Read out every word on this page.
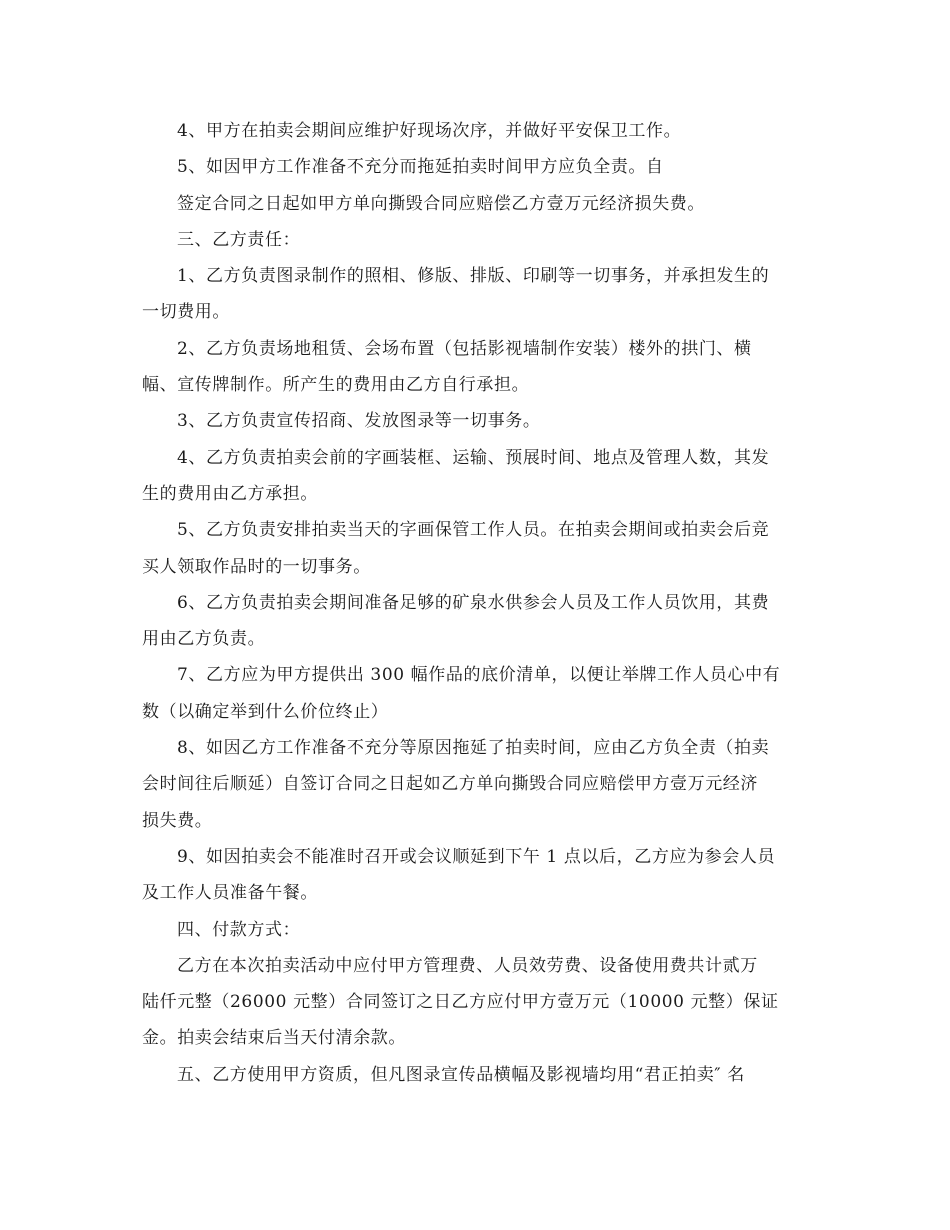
4、甲方在拍卖会期间应维护好现场次序，并做好平安保卫工作。

5、如因甲方工作准备不充分而拖延拍卖时间甲方应负全责。自

签定合同之日起如甲方单向撕毁合同应赔偿乙方壹万元经济损失费。

三、乙方责任：

1、乙方负责图录制作的照相、修版、排版、印刷等一切事务，并承担发生的

一切费用。

2、乙方负责场地租赁、会场布置（包括影视墙制作安装）楼外的拱门、横

幅、宣传牌制作。所产生的费用由乙方自行承担。

3、乙方负责宣传招商、发放图录等一切事务。

4、乙方负责拍卖会前的字画装框、运输、预展时间、地点及管理人数，其发

生的费用由乙方承担。

5、乙方负责安排拍卖当天的字画保管工作人员。在拍卖会期间或拍卖会后竞

买人领取作品时的一切事务。

6、乙方负责拍卖会期间准备足够的矿泉水供参会人员及工作人员饮用，其费

用由乙方负责。

7、乙方应为甲方提供出 300 幅作品的底价清单，以便让举牌工作人员心中有

数（以确定举到什么价位终止）

8、如因乙方工作准备不充分等原因拖延了拍卖时间，应由乙方负全责（拍卖

会时间往后顺延）自签订合同之日起如乙方单向撕毁合同应赔偿甲方壹万元经济

损失费。

9、如因拍卖会不能准时召开或会议顺延到下午 1 点以后，乙方应为参会人员

及工作人员准备午餐。

四、付款方式：

乙方在本次拍卖活动中应付甲方管理费、人员效劳费、设备使用费共计贰万

陆仟元整（26000 元整）合同签订之日乙方应付甲方壹万元（10000 元整）保证

金。拍卖会结束后当天付清余款。

五、乙方使用甲方资质，但凡图录宣传品横幅及影视墙均用“君正拍卖″ 名
